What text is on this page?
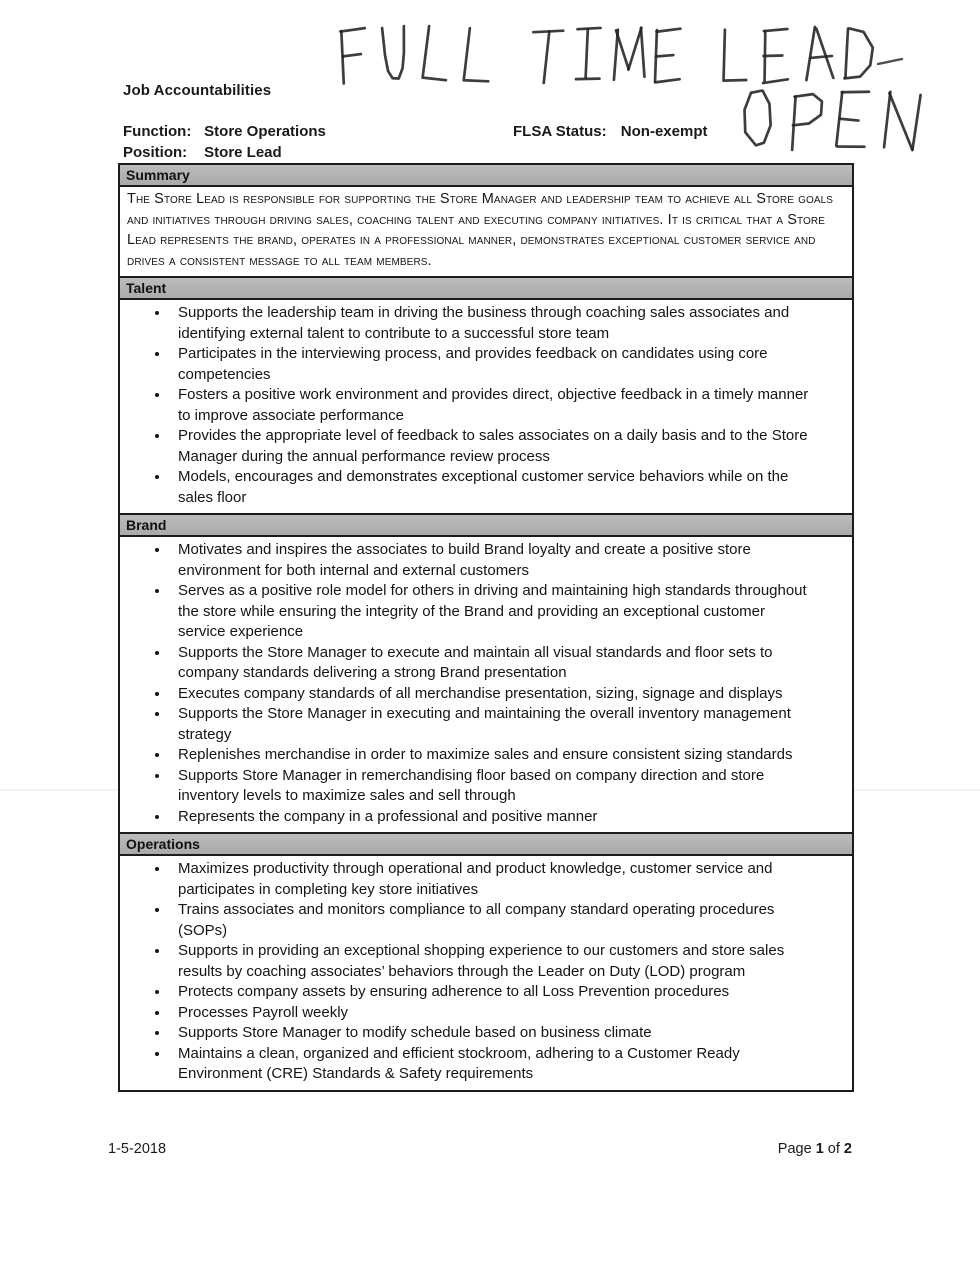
Job Accountabilities
Function: Store Operations	FLSA Status: Non-exempt
Position: Store Lead
Summary
The Store Lead is responsible for supporting the Store Manager and leadership team to achieve all Store goals and initiatives through driving sales, coaching talent and executing company initiatives. It is critical that a Store Lead represents the brand, operates in a professional manner, demonstrates exceptional customer service and drives a consistent message to all team members.
Talent
• Supports the leadership team in driving the business through coaching sales associates and identifying external talent to contribute to a successful store team
• Participates in the interviewing process, and provides feedback on candidates using core competencies
• Fosters a positive work environment and provides direct, objective feedback in a timely manner to improve associate performance
• Provides the appropriate level of feedback to sales associates on a daily basis and to the Store Manager during the annual performance review process
• Models, encourages and demonstrates exceptional customer service behaviors while on the sales floor
Brand
• Motivates and inspires the associates to build Brand loyalty and create a positive store environment for both internal and external customers
• Serves as a positive role model for others in driving and maintaining high standards throughout the store while ensuring the integrity of the Brand and providing an exceptional customer service experience
• Supports the Store Manager to execute and maintain all visual standards and floor sets to company standards delivering a strong Brand presentation
• Executes company standards of all merchandise presentation, sizing, signage and displays
• Supports the Store Manager in executing and maintaining the overall inventory management strategy
• Replenishes merchandise in order to maximize sales and ensure consistent sizing standards
• Supports Store Manager in remerchandising floor based on company direction and store inventory levels to maximize sales and sell through
• Represents the company in a professional and positive manner
Operations
• Maximizes productivity through operational and product knowledge, customer service and participates in completing key store initiatives
• Trains associates and monitors compliance to all company standard operating procedures (SOPs)
• Supports in providing an exceptional shopping experience to our customers and store sales results by coaching associates’ behaviors through the Leader on Duty (LOD) program
• Protects company assets by ensuring adherence to all Loss Prevention procedures
• Processes Payroll weekly
• Supports Store Manager to modify schedule based on business climate
• Maintains a clean, organized and efficient stockroom, adhering to a Customer Ready Environment (CRE) Standards & Safety requirements
1-5-2018	Page 1 of 2
